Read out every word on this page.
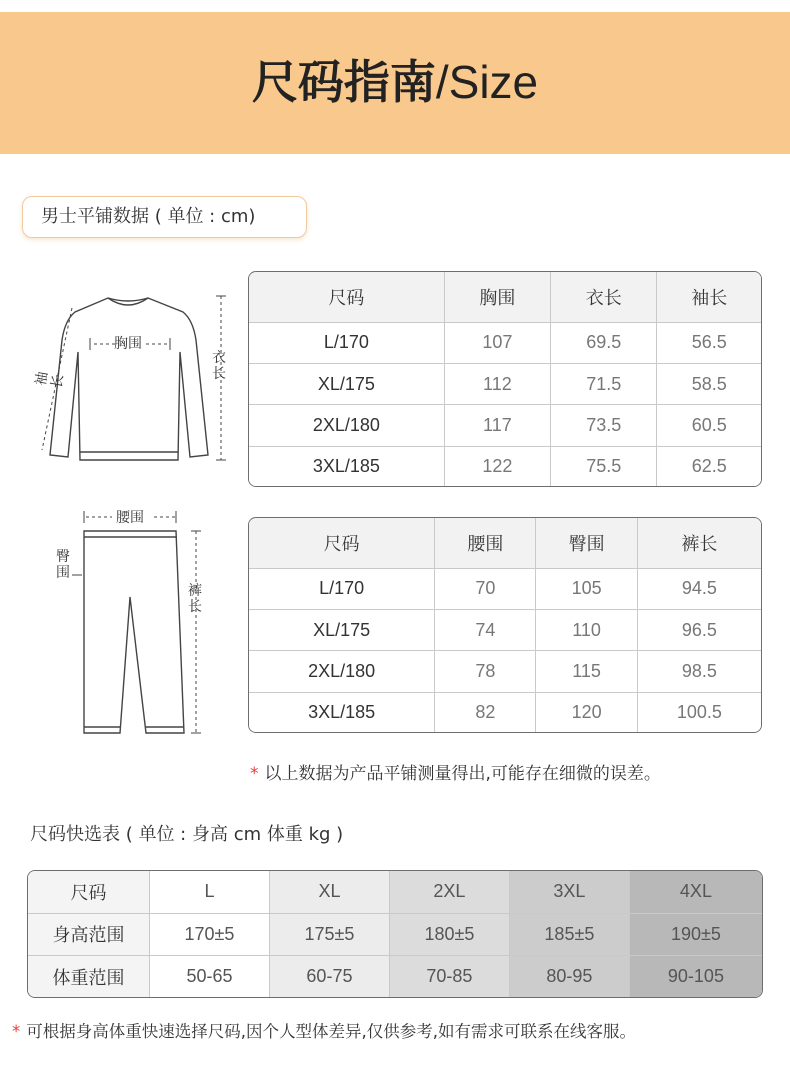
尺码指南/Size
男士平铺数据 ( 单位 : cm)
胸围
袖长
衣长
腰围
臀围
裤长
尺码	胸围	衣长	袖长
L/170	107	69.5	56.5
XL/175	112	71.5	58.5
2XL/180	117	73.5	60.5
3XL/185	122	75.5	62.5
尺码	腰围	臀围	裤长
L/170	70	105	94.5
XL/175	74	110	96.5
2XL/180	78	115	98.5
3XL/185	82	120	100.5
* 以上数据为产品平铺测量得出,可能存在细微的误差。
尺码快选表 ( 单位 : 身高 cm 体重 kg )
尺码	L	XL	2XL	3XL	4XL
身高范围	170±5	175±5	180±5	185±5	190±5
体重范围	50-65	60-75	70-85	80-95	90-105
* 可根据身高体重快速选择尺码,因个人型体差异,仅供参考,如有需求可联系在线客服。
